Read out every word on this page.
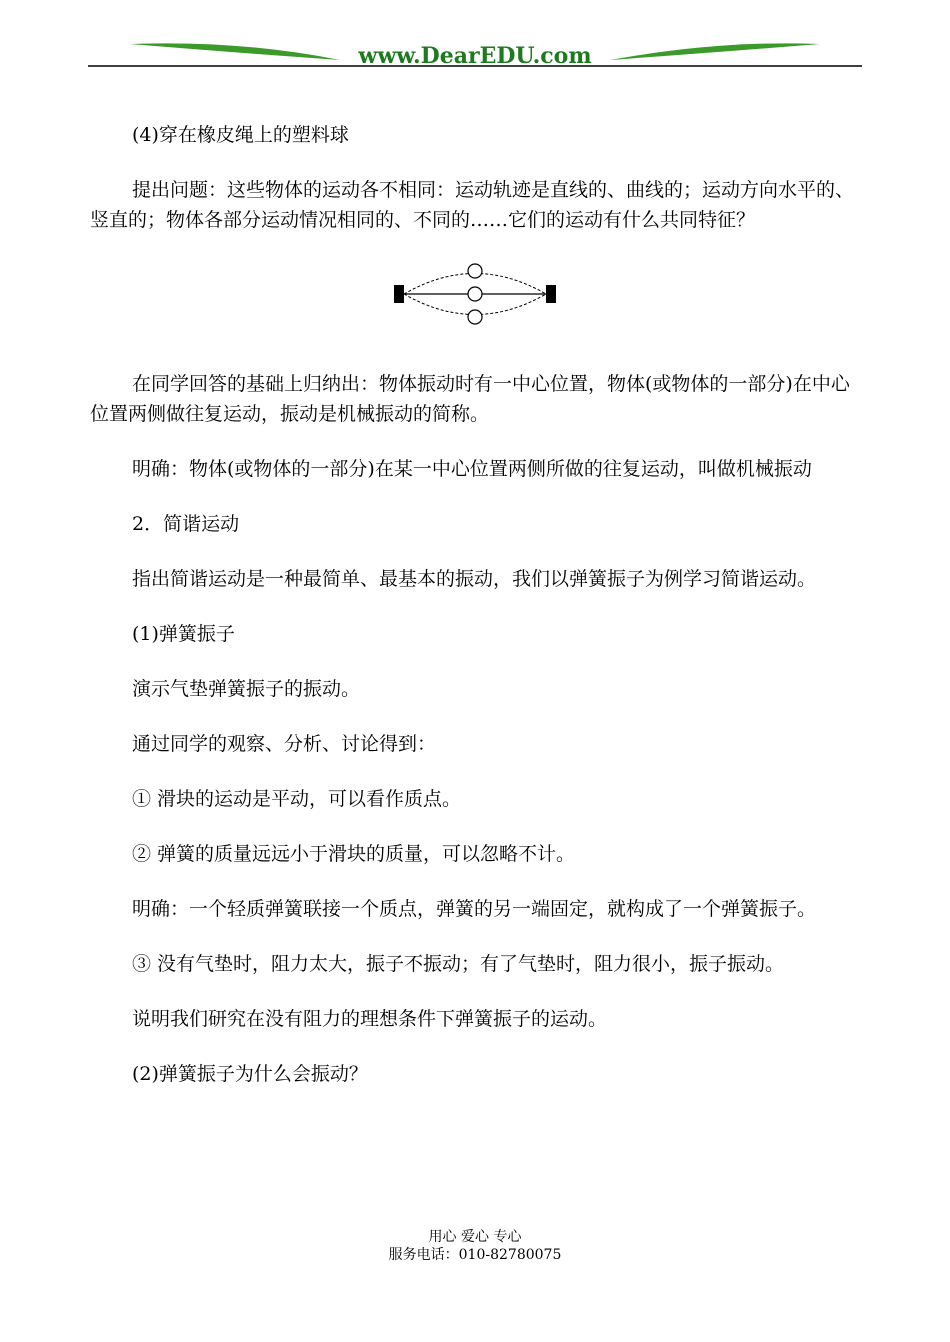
www.DearEDU.com

(4)穿在橡皮绳上的塑料球

提出问题：这些物体的运动各不相同：运动轨迹是直线的、曲线的；运动方向水平的、竖直的；物体各部分运动情况相同的、不同的……它们的运动有什么共同特征？

在同学回答的基础上归纳出：物体振动时有一中心位置，物体(或物体的一部分)在中心位置两侧做往复运动，振动是机械振动的简称。

明确：物体(或物体的一部分)在某一中心位置两侧所做的往复运动，叫做机械振动

2．简谐运动

指出简谐运动是一种最简单、最基本的振动，我们以弹簧振子为例学习简谐运动。

(1)弹簧振子

演示气垫弹簧振子的振动。

通过同学的观察、分析、讨论得到：

① 滑块的运动是平动，可以看作质点。

② 弹簧的质量远远小于滑块的质量，可以忽略不计。

明确：一个轻质弹簧联接一个质点，弹簧的另一端固定，就构成了一个弹簧振子。

③ 没有气垫时，阻力太大，振子不振动；有了气垫时，阻力很小，振子振动。

说明我们研究在没有阻力的理想条件下弹簧振子的运动。

(2)弹簧振子为什么会振动？

用心 爱心 专心
服务电话：010-82780075
